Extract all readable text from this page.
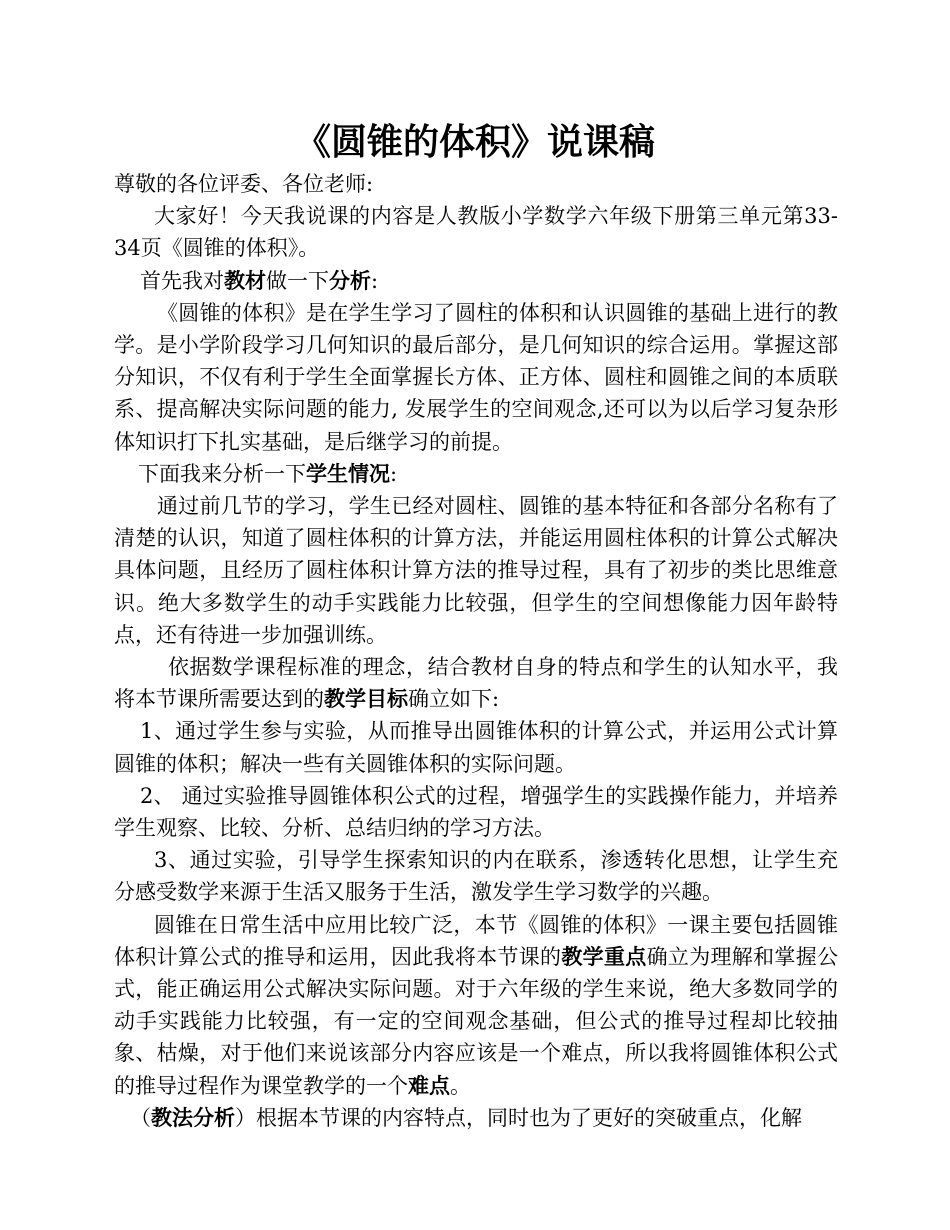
《圆锥的体积》说课稿

尊敬的各位评委、各位老师:

大家好！今天我说课的内容是人教版小学数学六年级下册第三单元第33-34页《圆锥的体积》。

首先我对教材做一下分析:

《圆锥的体积》是在学生学习了圆柱的体积和认识圆锥的基础上进行的教学。是小学阶段学习几何知识的最后部分，是几何知识的综合运用。掌握这部分知识，不仅有利于学生全面掌握长方体、正方体、圆柱和圆锥之间的本质联系、提高解决实际问题的能力, 发展学生的空间观念,还可以为以后学习复杂形体知识打下扎实基础，是后继学习的前提。

下面我来分析一下学生情况:

通过前几节的学习，学生已经对圆柱、圆锥的基本特征和各部分名称有了清楚的认识，知道了圆柱体积的计算方法，并能运用圆柱体积的计算公式解决具体问题，且经历了圆柱体积计算方法的推导过程，具有了初步的类比思维意识。绝大多数学生的动手实践能力比较强，但学生的空间想像能力因年龄特点，还有待进一步加强训练。

依据数学课程标准的理念，结合教材自身的特点和学生的认知水平，我将本节课所需要达到的教学目标确立如下:

1、通过学生参与实验，从而推导出圆锥体积的计算公式，并运用公式计算圆锥的体积；解决一些有关圆锥体积的实际问题。

2、 通过实验推导圆锥体积公式的过程，增强学生的实践操作能力，并培养学生观察、比较、分析、总结归纳的学习方法。

3、通过实验，引导学生探索知识的内在联系，渗透转化思想，让学生充分感受数学来源于生活又服务于生活，激发学生学习数学的兴趣。

圆锥在日常生活中应用比较广泛，本节《圆锥的体积》一课主要包括圆锥体积计算公式的推导和运用，因此我将本节课的教学重点确立为理解和掌握公式，能正确运用公式解决实际问题。对于六年级的学生来说，绝大多数同学的动手实践能力比较强，有一定的空间观念基础，但公式的推导过程却比较抽象、枯燥，对于他们来说该部分内容应该是一个难点，所以我将圆锥体积公式的推导过程作为课堂教学的一个难点。

（教法分析）根据本节课的内容特点，同时也为了更好的突破重点，化解
